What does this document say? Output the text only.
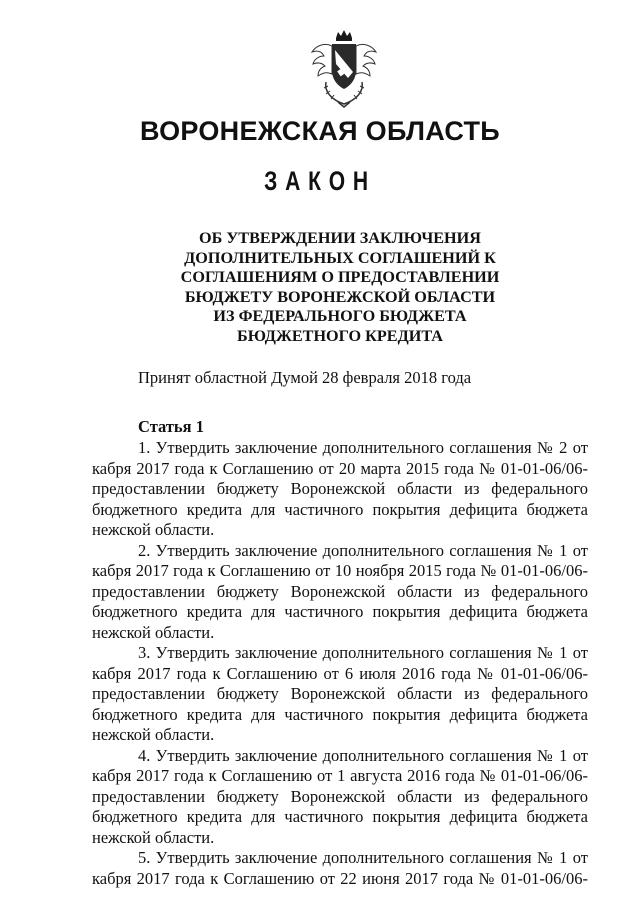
ВОРОНЕЖСКАЯ ОБЛАСТЬ
ЗАКОН
ОБ УТВЕРЖДЕНИИ ЗАКЛЮЧЕНИЯ
ДОПОЛНИТЕЛЬНЫХ СОГЛАШЕНИЙ К
СОГЛАШЕНИЯМ О ПРЕДОСТАВЛЕНИИ
БЮДЖЕТУ ВОРОНЕЖСКОЙ ОБЛАСТИ
ИЗ ФЕДЕРАЛЬНОГО БЮДЖЕТА
БЮДЖЕТНОГО КРЕДИТА
Принят областной Думой 28 февраля 2018 года
Статья 1
1. Утвердить заключение дополнительного соглашения № 2 от
кабря 2017 года к Соглашению от 20 марта 2015 года № 01-01-06/06-
предоставлении бюджету Воронежской области из федерального
бюджетного кредита для частичного покрытия дефицита бюджета
нежской области.
2. Утвердить заключение дополнительного соглашения № 1 от
кабря 2017 года к Соглашению от 10 ноября 2015 года № 01-01-06/06-
предоставлении бюджету Воронежской области из федерального
бюджетного кредита для частичного покрытия дефицита бюджета
нежской области.
3. Утвердить заключение дополнительного соглашения № 1 от
кабря 2017 года к Соглашению от 6 июля 2016 года № 01-01-06/06-
предоставлении бюджету Воронежской области из федерального
бюджетного кредита для частичного покрытия дефицита бюджета
нежской области.
4. Утвердить заключение дополнительного соглашения № 1 от
кабря 2017 года к Соглашению от 1 августа 2016 года № 01-01-06/06-
предоставлении бюджету Воронежской области из федерального
бюджетного кредита для частичного покрытия дефицита бюджета
нежской области.
5. Утвердить заключение дополнительного соглашения № 1 от
кабря 2017 года к Соглашению от 22 июня 2017 года № 01-01-06/06-
